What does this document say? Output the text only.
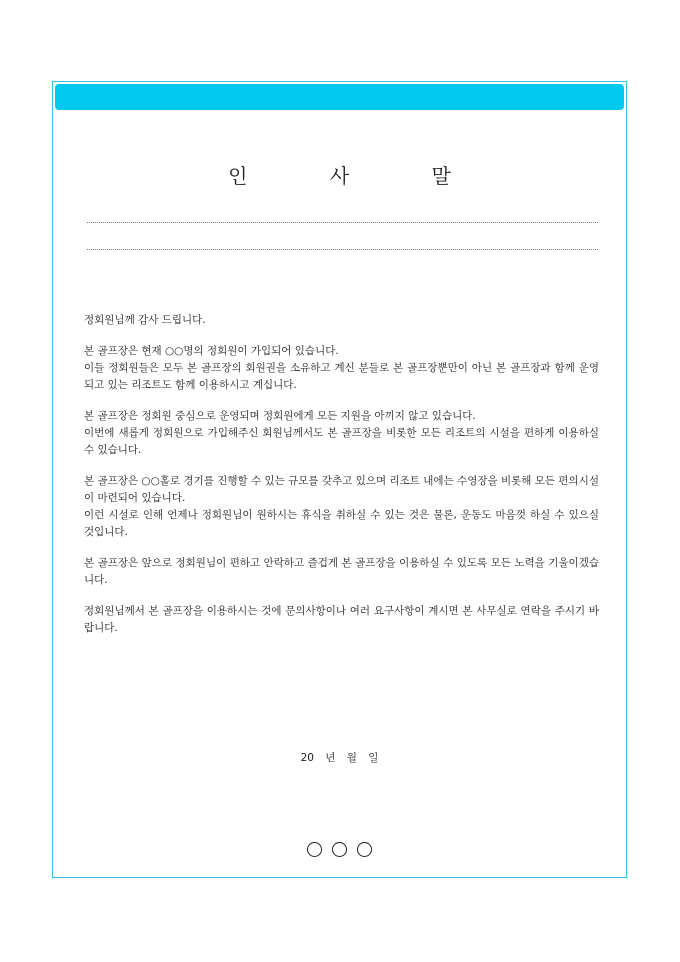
인 사 말

정회원님께 감사 드립니다.

본 골프장은 현재 ○○명의 정회원이 가입되어 있습니다.
이들 정회원들은 모두 본 골프장의 회원권을 소유하고 계신 분들로 본 골프장뿐만이 아닌 본 골프장과 함께 운영되고 있는 리조트도 함께 이용하시고 계십니다.

본 골프장은 정회원 중심으로 운영되며 정회원에게 모든 지원을 아끼지 않고 있습니다.
이번에 새롭게 정회원으로 가입해주신 회원님께서도 본 골프장을 비롯한 모든 리조트의 시설을 편하게 이용하실 수 있습니다.

본 골프장은 ○○홀로 경기를 진행할 수 있는 규모를 갖추고 있으며 리조트 내에는 수영장을 비롯해 모든 편의시설이 마련되어 있습니다.
이런 시설로 인해 언제나 정회원님이 원하시는 휴식을 취하실 수 있는 것은 물론, 운동도 마음껏 하실 수 있으실 것입니다.

본 골프장은 앞으로 정회원님이 편하고 안락하고 즐겁게 본 골프장을 이용하실 수 있도록 모든 노력을 기울이겠습니다.

정회원님께서 본 골프장을 이용하시는 것에 문의사항이나 여러 요구사항이 계시면 본 사무실로 연락을 주시기 바랍니다.

20 년 월 일
